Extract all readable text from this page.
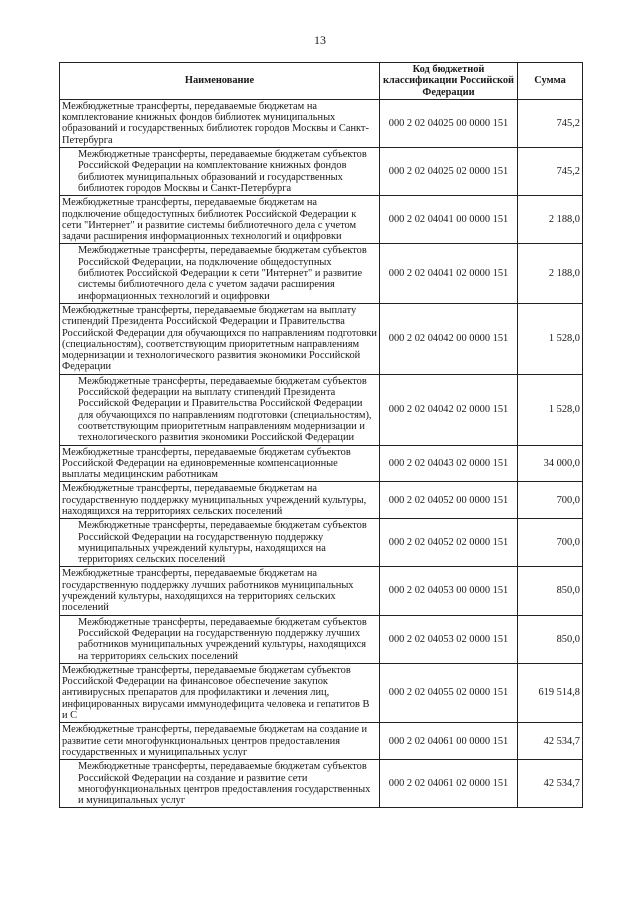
13
Наименование	Код бюджетной классификации Российской Федерации	Сумма
Межбюджетные трансферты, передаваемые бюджетам на комплектование книжных фондов библиотек муниципальных образований и государственных библиотек городов Москвы и Санкт-Петербурга	000 2 02 04025 00 0000 151	745,2
Межбюджетные трансферты, передаваемые бюджетам субъектов Российской Федерации на комплектование книжных фондов библиотек муниципальных образований и государственных библиотек городов Москвы и Санкт-Петербурга	000 2 02 04025 02 0000 151	745,2
Межбюджетные трансферты, передаваемые бюджетам на подключение общедоступных библиотек Российской Федерации к сети "Интернет" и развитие системы библиотечного дела с учетом задачи расширения информационных технологий и оцифровки	000 2 02 04041 00 0000 151	2 188,0
Межбюджетные трансферты, передаваемые бюджетам субъектов Российской Федерации, на подключение общедоступных библиотек Российской Федерации к сети "Интернет" и развитие системы библиотечного дела с учетом задачи расширения информационных технологий и оцифровки	000 2 02 04041 02 0000 151	2 188,0
Межбюджетные трансферты, передаваемые бюджетам на выплату стипендий Президента Российской Федерации и Правительства Российской Федерации для обучающихся по направлениям подготовки (специальностям), соответствующим приоритетным направлениям модернизации и технологического развития экономики Российской Федерации	000 2 02 04042 00 0000 151	1 528,0
Межбюджетные трансферты, передаваемые бюджетам субъектов Российской федерации на выплату стипендий Президента Российской Федерации и Правительства Российской Федерации для обучающихся по направлениям подготовки (специальностям), соответствующим приоритетным направлениям модернизации и технологического развития экономики Российской Федерации	000 2 02 04042 02 0000 151	1 528,0
Межбюджетные трансферты, передаваемые бюджетам субъектов Российской Федерации на единовременные компенсационные выплаты медицинским работникам	000 2 02 04043 02 0000 151	34 000,0
Межбюджетные трансферты, передаваемые бюджетам на государственную поддержку муниципальных учреждений культуры, находящихся на территориях сельских поселений	000 2 02 04052 00 0000 151	700,0
Межбюджетные трансферты, передаваемые бюджетам субъектов Российской Федерации на государственную поддержку муниципальных учреждений культуры, находящихся на территориях сельских поселений	000 2 02 04052 02 0000 151	700,0
Межбюджетные трансферты, передаваемые бюджетам на государственную поддержку лучших работников муниципальных учреждений культуры, находящихся на территориях сельских поселений	000 2 02 04053 00 0000 151	850,0
Межбюджетные трансферты, передаваемые бюджетам субъектов Российской Федерации на государственную поддержку лучших работников муниципальных учреждений культуры, находящихся на территориях сельских поселений	000 2 02 04053 02 0000 151	850,0
Межбюджетные трансферты, передаваемые бюджетам субъектов Российской Федерации на финансовое обеспечение закупок антивирусных препаратов для профилактики и лечения лиц, инфицированных вирусами иммунодефицита человека и гепатитов В и С	000 2 02 04055 02 0000 151	619 514,8
Межбюджетные трансферты, передаваемые бюджетам на создание и развитие сети многофункциональных центров предоставления государственных и муниципальных услуг	000 2 02 04061 00 0000 151	42 534,7
Межбюджетные трансферты, передаваемые бюджетам субъектов Российской Федерации на создание и развитие сети многофункциональных центров предоставления государственных и муниципальных услуг	000 2 02 04061 02 0000 151	42 534,7
